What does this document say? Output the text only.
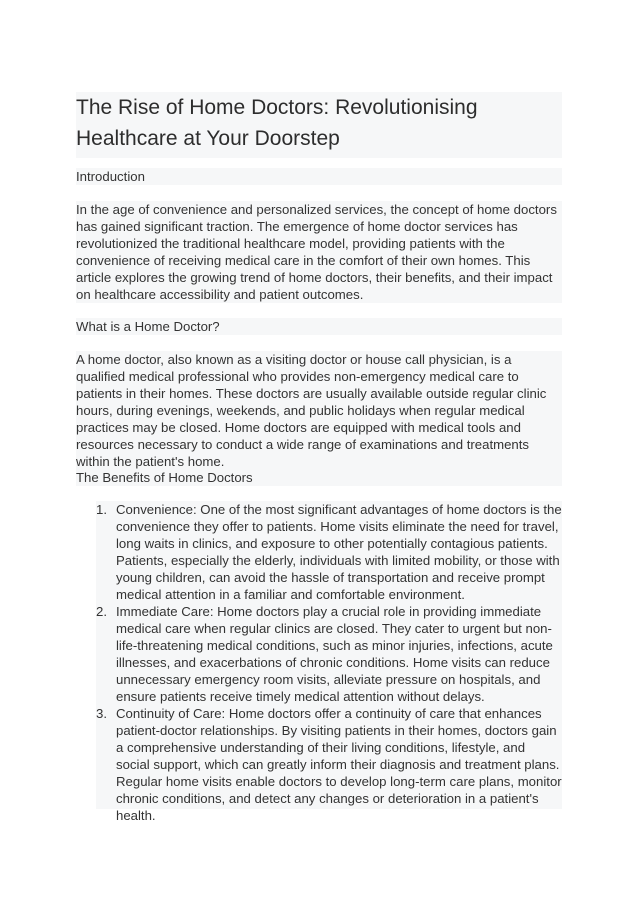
The Rise of Home Doctors: Revolutionising Healthcare at Your Doorstep

Introduction

In the age of convenience and personalized services, the concept of home doctors has gained significant traction. The emergence of home doctor services has revolutionized the traditional healthcare model, providing patients with the convenience of receiving medical care in the comfort of their own homes. This article explores the growing trend of home doctors, their benefits, and their impact on healthcare accessibility and patient outcomes.

What is a Home Doctor?

A home doctor, also known as a visiting doctor or house call physician, is a qualified medical professional who provides non-emergency medical care to patients in their homes. These doctors are usually available outside regular clinic hours, during evenings, weekends, and public holidays when regular medical practices may be closed. Home doctors are equipped with medical tools and resources necessary to conduct a wide range of examinations and treatments within the patient's home.

The Benefits of Home Doctors

1. Convenience: One of the most significant advantages of home doctors is the convenience they offer to patients. Home visits eliminate the need for travel, long waits in clinics, and exposure to other potentially contagious patients. Patients, especially the elderly, individuals with limited mobility, or those with young children, can avoid the hassle of transportation and receive prompt medical attention in a familiar and comfortable environment.
2. Immediate Care: Home doctors play a crucial role in providing immediate medical care when regular clinics are closed. They cater to urgent but non-life-threatening medical conditions, such as minor injuries, infections, acute illnesses, and exacerbations of chronic conditions. Home visits can reduce unnecessary emergency room visits, alleviate pressure on hospitals, and ensure patients receive timely medical attention without delays.
3. Continuity of Care: Home doctors offer a continuity of care that enhances patient-doctor relationships. By visiting patients in their homes, doctors gain a comprehensive understanding of their living conditions, lifestyle, and social support, which can greatly inform their diagnosis and treatment plans. Regular home visits enable doctors to develop long-term care plans, monitor chronic conditions, and detect any changes or deterioration in a patient's health.
